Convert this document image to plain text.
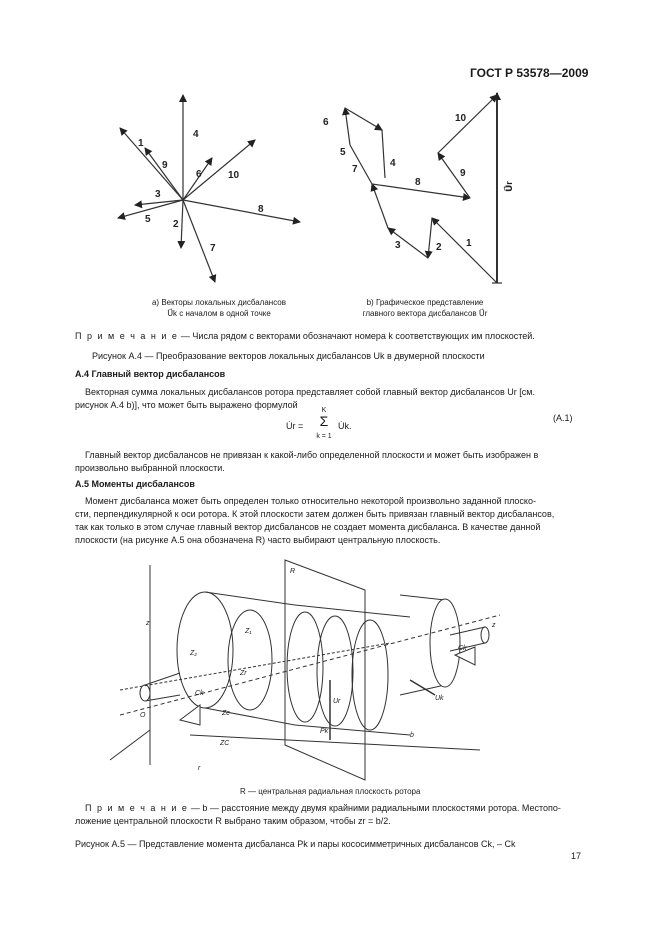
ГОСТ Р 53578—2009
1
9
4
6	10
3
8
5 2
7
6
5
7
4
8
10
9
3	2 1
U⃗r
а) Векторы локальных дисбалансов
U⃗k с началом в одной точке
b) Графическое представление
главного вектора дисбалансов U⃗r
П р и м е ч а н и е — Числа рядом с векторами обозначают номера k соответствующих им плоскостей.
Рисунок А.4 — Преобразование векторов локальных дисбалансов Uk в двумерной плоскости
А.4 Главный вектор дисбалансов
Векторная сумма локальных дисбалансов ротора представляет собой главный вектор дисбалансов Ur [см.
рисунок А.4 b)], что может быть выражено формулой
U̇r =
K
Σ
k = 1
U̇k.
(А.1)
Главный вектор дисбалансов не привязан к какой-либо определенной плоскости и может быть изображен в
произвольно выбранной плоскости.
А.5 Моменты дисбалансов
Момент дисбаланса может быть определен только относительно некоторой произвольно заданной плоско-
сти, перпендикулярной к оси ротора. К этой плоскости затем должен быть привязан главный вектор дисбалансов,
так как только в этом случае главный вектор дисбалансов не создает момента дисбаланса. В качестве данной
плоскости (на рисунке А.5 она обозначена R) часто выбирают центральную плоскость.
R
z	z
Z₁
Z₂
Zr
Zc
ZC
Ur
Pk
Ck
Ck
Uk
b
O
r
R — центральная радиальная плоскость ротора
П р и м е ч а н и е — b — расстояние между двумя крайними радиальными плоскостями ротора. Местопо-
ложение центральной плоскости R выбрано таким образом, чтобы zr = b/2.
Рисунок А.5 — Представление момента дисбаланса Pk и пары кососимметричных дисбалансов Ck, – Ck
17
